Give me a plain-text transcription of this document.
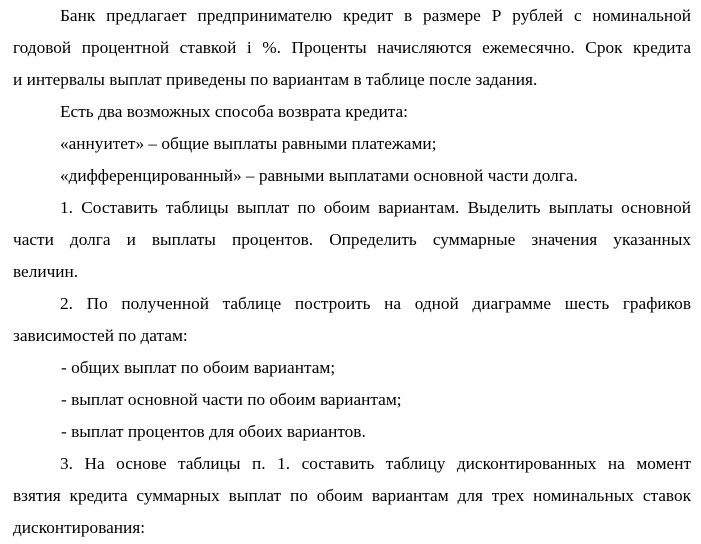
Банк предлагает предпринимателю кредит в размере Р рублей с номинальной
годовой процентной ставкой i %. Проценты начисляются ежемесячно. Срок кредита
и интервалы выплат приведены по вариантам в таблице после задания.
Есть два возможных способа возврата кредита:
«аннуитет» – общие выплаты равными платежами;
«дифференцированный» – равными выплатами основной части долга.
1. Составить таблицы выплат по обоим вариантам. Выделить выплаты основной
части долга и выплаты процентов. Определить суммарные значения указанных
величин.
2. По полученной таблице построить на одной диаграмме шесть графиков
зависимостей по датам:
- общих выплат по обоим вариантам;
- выплат основной части по обоим вариантам;
- выплат процентов для обоих вариантов.
3. На основе таблицы п. 1. составить таблицу дисконтированных на момент
взятия кредита суммарных выплат по обоим вариантам для трех номинальных ставок
дисконтирования:
